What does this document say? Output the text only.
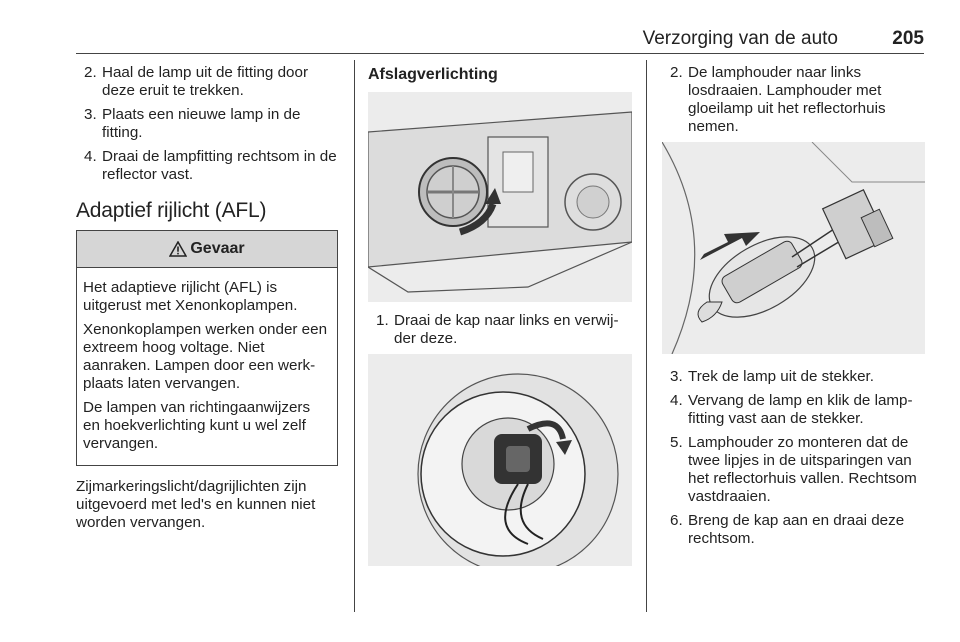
Verzorging van de auto	205
2. Haal de lamp uit de fitting door deze eruit te trekken.
3. Plaats een nieuwe lamp in de fitting.
4. Draai de lampfitting rechtsom in de reflector vast.
Adaptief rijlicht (AFL)
Gevaar

Het adaptieve rijlicht (AFL) is uitgerust met Xenonkoplampen.

Xenonkoplampen werken onder een extreem hoog voltage. Niet aanraken. Lampen door een werk-plaats laten vervangen.

De lampen van richtingaanwijzers en hoekverlichting kunt u wel zelf vervangen.

Zijmarkeringslicht/dagrijlichten zijn uitgevoerd met led's en kunnen niet worden vervangen.

Afslagverlichting
1. Draai de kap naar links en verwij-der deze.
2. De lamphouder naar links losdraaien. Lamphouder met gloeilamp uit het reflectorhuis nemen.
3. Trek de lamp uit de stekker.
4. Vervang de lamp en klik de lamp-fitting vast aan de stekker.
5. Lamphouder zo monteren dat de twee lipjes in de uitsparingen van het reflectorhuis vallen. Rechtsom vastdraaien.
6. Breng de kap aan en draai deze rechtsom.
